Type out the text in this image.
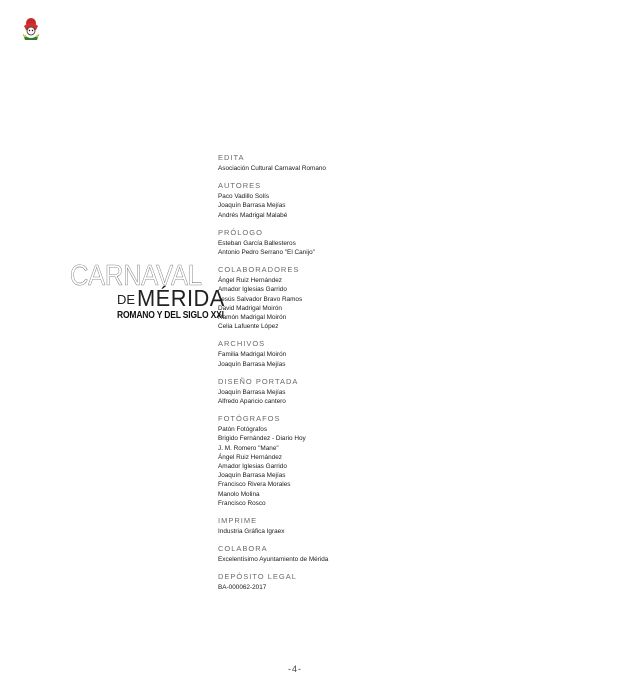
CARNAVAL
DE MÉRIDA
ROMANO Y DEL SIGLO XXI
EDITA
Asociación Cultural Carnaval Romano
AUTORES
Paco Vadillo Solís
Joaquín Barrasa Mejías
Andrés Madrigal Malabé
PRÓLOGO
Esteban García Ballesteros
Antonio Pedro Serrano "El Canijo"
COLABORADORES
Ángel Ruiz Hernández
Amador Iglesias Garrido
Jesús Salvador Bravo Ramos
David Madrigal Moirón
Ramón Madrigal Moirón
Celia Lafuente López
ARCHIVOS
Familia Madrigal Moirón
Joaquín Barrasa Mejías
DISEÑO PORTADA
Joaquín Barrasa Mejías
Alfredo Aparicio cantero
FOTÓGRAFOS
Patón Fotógrafos
Brigido Fernández - Diario Hoy
J. M. Romero "Mane"
Ángel Ruiz Hernández
Amador Iglesias Garrido
Joaquín Barrasa Mejías
Francisco Rivera Morales
Manolo Molina
Francisco Rosco
IMPRIME
Industria Gráfica Igraex
COLABORA
Excelentísimo Ayuntamiento de Mérida
DEPÓSITO LEGAL
BA-000062-2017
-4-
